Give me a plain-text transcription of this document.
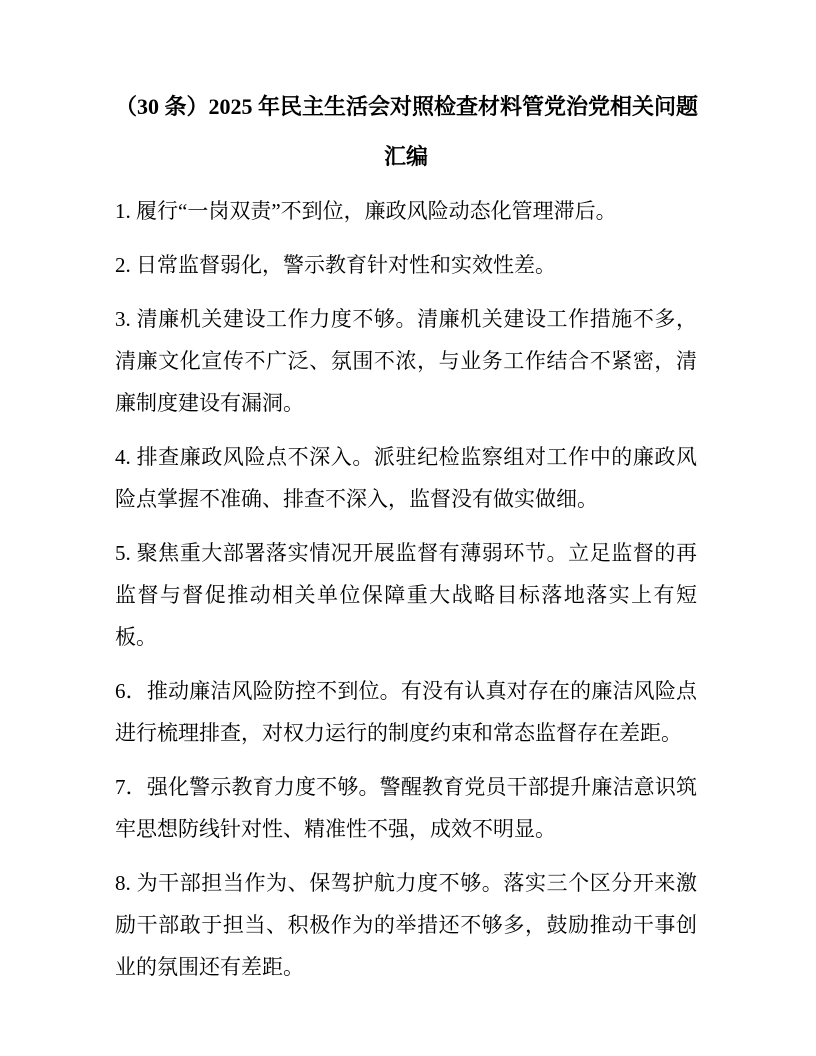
（30 条）2025 年民主生活会对照检查材料管党治党相关问题
汇编

1. 履行“一岗双责”不到位，廉政风险动态化管理滞后。

2. 日常监督弱化，警示教育针对性和实效性差。

3. 清廉机关建设工作力度不够。清廉机关建设工作措施不多，清廉文化宣传不广泛、氛围不浓，与业务工作结合不紧密，清廉制度建设有漏洞。

4. 排查廉政风险点不深入。派驻纪检监察组对工作中的廉政风险点掌握不准确、排查不深入，监督没有做实做细。

5. 聚焦重大部署落实情况开展监督有薄弱环节。立足监督的再监督与督促推动相关单位保障重大战略目标落地落实上有短板。

6．推动廉洁风险防控不到位。有没有认真对存在的廉洁风险点进行梳理排查，对权力运行的制度约束和常态监督存在差距。

7．强化警示教育力度不够。警醒教育党员干部提升廉洁意识筑牢思想防线针对性、精准性不强，成效不明显。

8. 为干部担当作为、保驾护航力度不够。落实三个区分开来激励干部敢于担当、积极作为的举措还不够多，鼓励推动干事创业的氛围还有差距。
